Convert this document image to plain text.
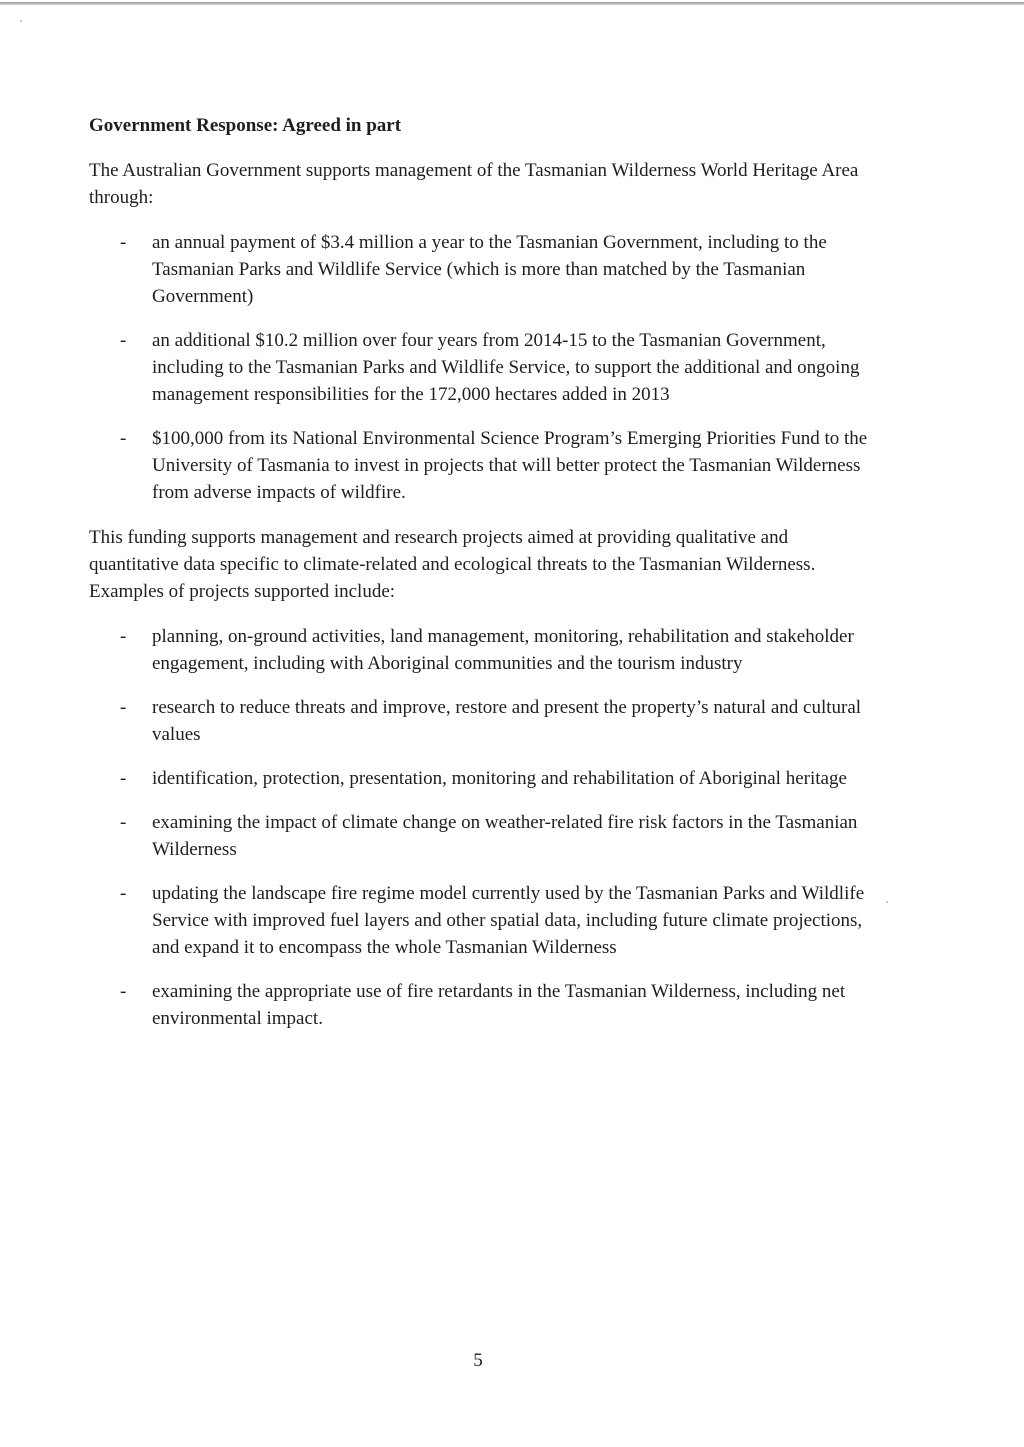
Government Response: Agreed in part
The Australian Government supports management of the Tasmanian Wilderness World Heritage Area through:
- an annual payment of $3.4 million a year to the Tasmanian Government, including to the Tasmanian Parks and Wildlife Service (which is more than matched by the Tasmanian Government)
- an additional $10.2 million over four years from 2014-15 to the Tasmanian Government, including to the Tasmanian Parks and Wildlife Service, to support the additional and ongoing management responsibilities for the 172,000 hectares added in 2013
- $100,000 from its National Environmental Science Program’s Emerging Priorities Fund to the University of Tasmania to invest in projects that will better protect the Tasmanian Wilderness from adverse impacts of wildfire.
This funding supports management and research projects aimed at providing qualitative and quantitative data specific to climate-related and ecological threats to the Tasmanian Wilderness. Examples of projects supported include:
- planning, on-ground activities, land management, monitoring, rehabilitation and stakeholder engagement, including with Aboriginal communities and the tourism industry
- research to reduce threats and improve, restore and present the property’s natural and cultural values
- identification, protection, presentation, monitoring and rehabilitation of Aboriginal heritage
- examining the impact of climate change on weather-related fire risk factors in the Tasmanian Wilderness
- updating the landscape fire regime model currently used by the Tasmanian Parks and Wildlife Service with improved fuel layers and other spatial data, including future climate projections, and expand it to encompass the whole Tasmanian Wilderness
- examining the appropriate use of fire retardants in the Tasmanian Wilderness, including net environmental impact.
5
